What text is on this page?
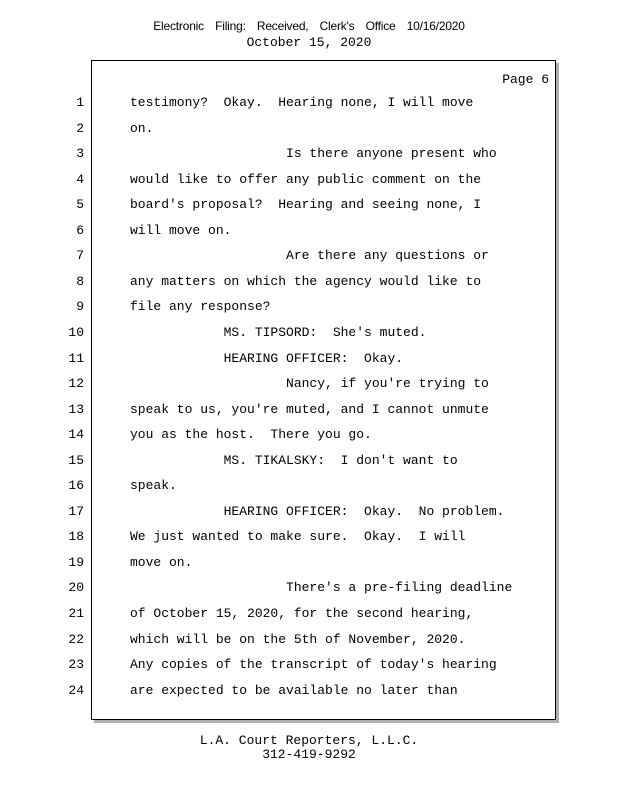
Electronic Filing: Received, Clerk's Office 10/16/2020
October 15, 2020
Page 6
1	testimony?  Okay.  Hearing none, I will move
2	on.
3	Is there anyone present who
4	would like to offer any public comment on the
5	board's proposal?  Hearing and seeing none, I
6	will move on.
7	Are there any questions or
8	any matters on which the agency would like to
9	file any response?
10	MS. TIPSORD:  She's muted.
11	HEARING OFFICER:  Okay.
12	Nancy, if you're trying to
13	speak to us, you're muted, and I cannot unmute
14	you as the host.  There you go.
15	MS. TIKALSKY:  I don't want to
16	speak.
17	HEARING OFFICER:  Okay.  No problem.
18	We just wanted to make sure.  Okay.  I will
19	move on.
20	There's a pre-filing deadline
21	of October 15, 2020, for the second hearing,
22	which will be on the 5th of November, 2020.
23	Any copies of the transcript of today's hearing
24	are expected to be available no later than
L.A. Court Reporters, L.L.C.
312-419-9292
